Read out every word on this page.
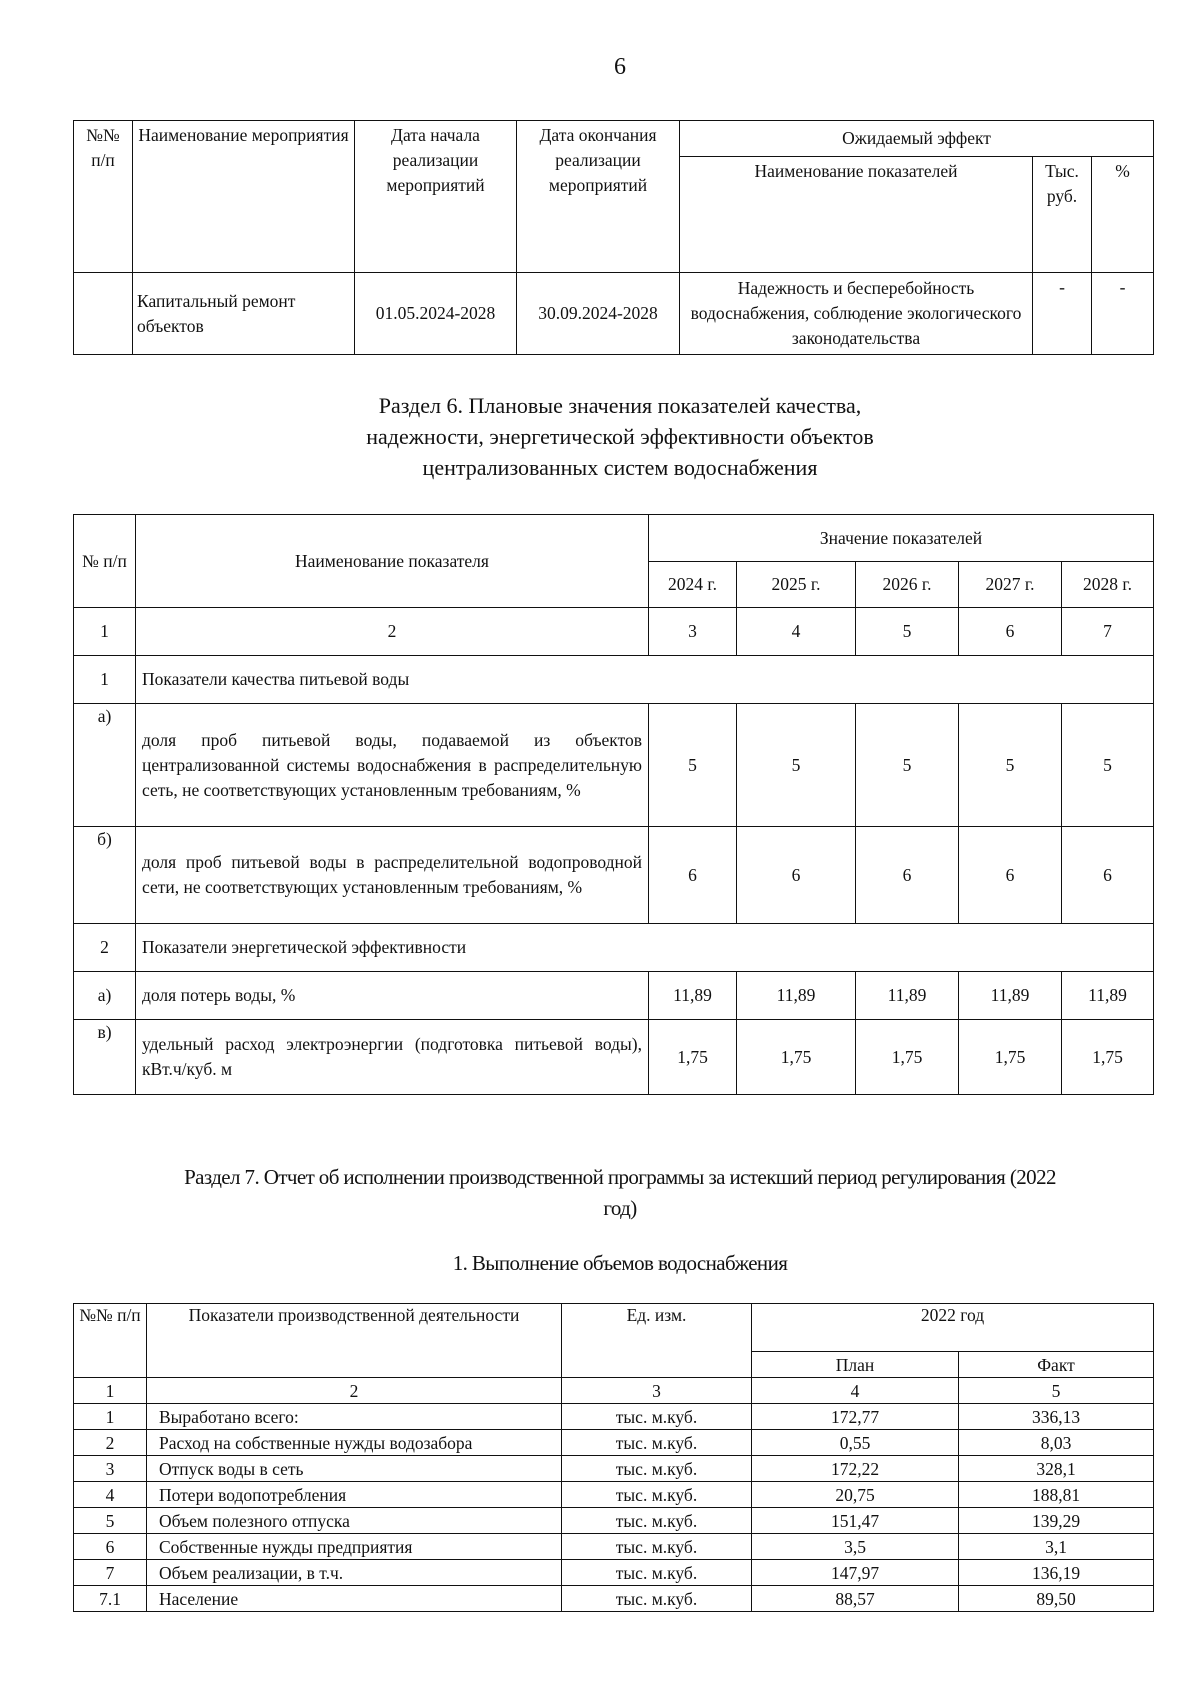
6
№№ п/п	Наименование мероприятия	Дата начала реализации мероприятий	Дата окончания реализации мероприятий	Ожидаемый эффект		
				Наименование показателей	Тыс. руб.	%
	Капитальный ремонт объектов	01.05.2024-2028	30.09.2024-2028	Надежность и бесперебойность водоснабжения, соблюдение экологического законодательства	-	-
Раздел 6. Плановые значения показателей качества,
надежности, энергетической эффективности объектов
централизованных систем водоснабжения
№ п/п	Наименование показателя	Значение показателей				
		2024 г.	2025 г.	2026 г.	2027 г.	2028 г.
1	2	3	4	5	6	7
1	Показатели качества питьевой воды					
а)	доля проб питьевой воды, подаваемой из объектов централизованной системы водоснабжения в распределительную сеть, не соответствующих установленным требованиям, %	5	5	5	5	5
б)	доля проб питьевой воды в распределительной водопроводной сети, не соответствующих установленным требованиям, %	6	6	6	6	6
2	Показатели энергетической эффективности					
а)	доля потерь воды, %	11,89	11,89	11,89	11,89	11,89
в)	удельный расход электроэнергии (подготовка питьевой воды), кВт.ч/куб. м	1,75	1,75	1,75	1,75	1,75
Раздел 7. Отчет об исполнении производственной программы за истекший период регулирования (2022
год)
1. Выполнение объемов водоснабжения
№№ п/п	Показатели производственной деятельности	Ед. изм.	2022 год	
			План	Факт
1	2	3	4	5
1	Выработано всего:	тыс. м.куб.	172,77	336,13
2	Расход на собственные нужды водозабора	тыс. м.куб.	0,55	8,03
3	Отпуск воды в сеть	тыс. м.куб.	172,22	328,1
4	Потери водопотребления	тыс. м.куб.	20,75	188,81
5	Объем полезного отпуска	тыс. м.куб.	151,47	139,29
6	Собственные нужды предприятия	тыс. м.куб.	3,5	3,1
7	Объем реализации, в т.ч.	тыс. м.куб.	147,97	136,19
7.1	Население	тыс. м.куб.	88,57	89,50
